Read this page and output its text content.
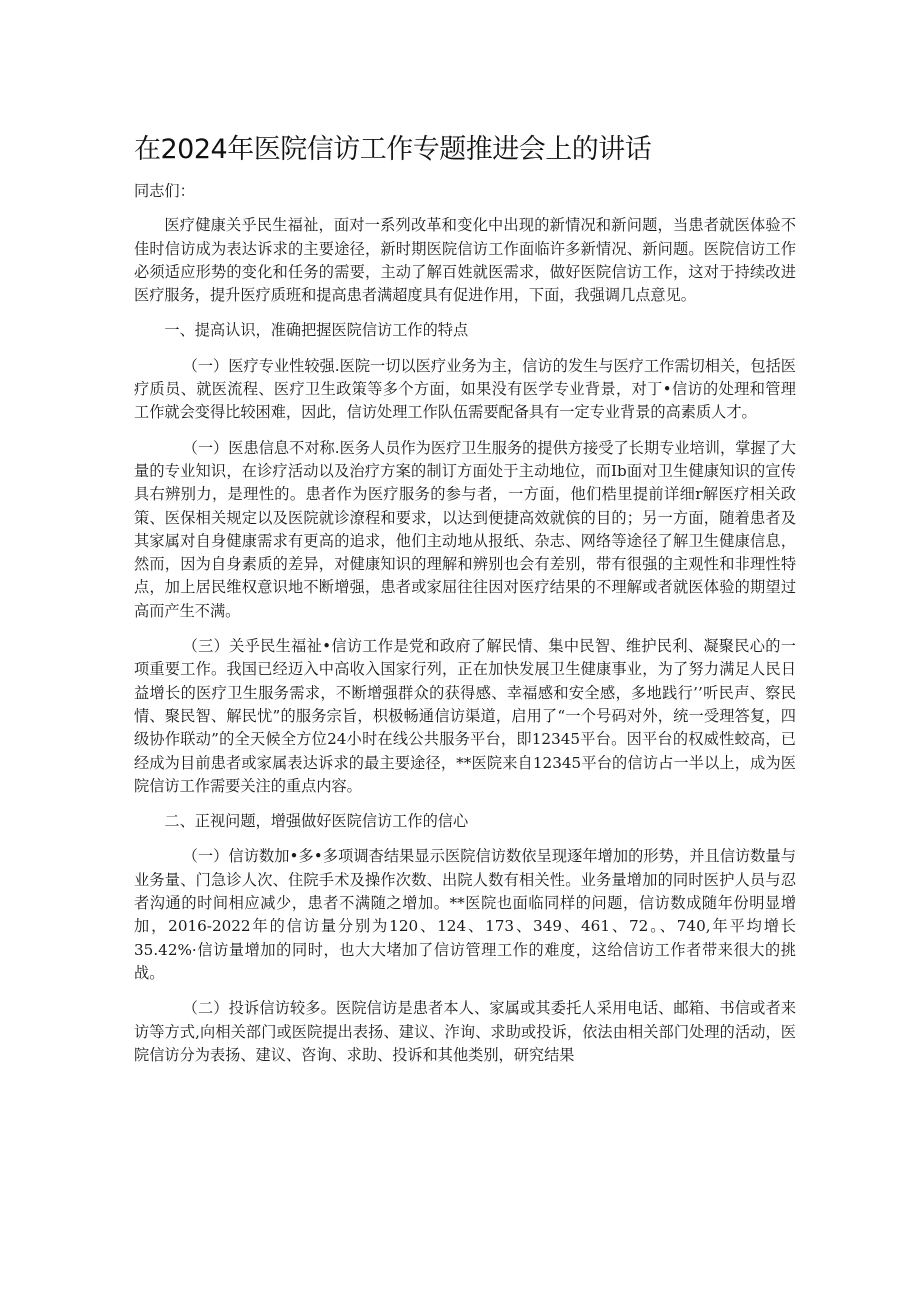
在2024年医院信访工作专题推进会上的讲话

同志们：

医疗健康关乎民生福祉，面对一系列改革和变化中出现的新情况和新问题，当患者就医体验不佳时信访成为表达诉求的主要途径，新时期医院信访工作面临许多新情况、新问题。医院信访工作必须适应形势的变化和任务的需要，主动了解百姓就医需求，做好医院信访工作，这对于持续改进医疗服务，提升医疗质班和提高患者满超度具有促进作用，下面，我强调几点意见。

一、提高认识，准确把握医院信访工作的特点

（一）医疗专业性较强.医院一切以医疗业务为主，信访的发生与医疗工作需切相关，包括医疗质员、就医流程、医疗卫生政策等多个方面，如果没有医学专业背景，对丁•信访的处理和管理工作就会变得比较困难，因此，信访处理工作队伍需要配备具有一定专业背景的高素质人才。

（一）医患信息不对称.医务人员作为医疗卫生服务的提供方接受了长期专业培训，掌握了大量的专业知识，在诊疗活动以及治疗方案的制订方面处于主动地位，而Ib面对卫生健康知识的宣传具右辨别力，是理性的。患者作为医疗服务的参与者，一方面，他们梏里提前详细r解医疗相关政策、医保相关规定以及医院就诊潦程和要求，以达到便捷高效就傧的目的；另一方面，随着患者及其家属对自身健康需求有更高的追求，他们主动地从报纸、杂志、网络等途径了解卫生健康信息，然而，因为自身素质的差异，对健康知识的理解和辨别也会有差别，带有很强的主观性和非理性特点，加上居民维权意识地不断增强，患者或家屈往往因对医疗结果的不理解或者就医体验的期望过高而产生不满。

（三）关乎民生福祉•信访工作是党和政府了解民情、集中民智、维护民利、凝聚民心的一项重要工作。我国已经迈入中高收入国家行列，正在加快发展卫生健康事业，为了努力满足人民日益增长的医疗卫生服务需求，不断增强群众的获得感、幸福感和安全感，多地践行’’听民声、察民情、聚民智、解民忧”的服务宗旨，枳极畅通信访渠道，启用了“一个号码对外，统一受理答复，四级协作联动”的全天候全方位24小时在线公共服务平台，即12345平台。因平台的权威性蛟高，已经成为目前患者或家属表达诉求的最主要途径，**医院来自12345平台的信访占一半以上，成为医院信访工作需要关注的重点内容。

二、正视问题，增强做好医院信访工作的信心

（一）信访数加•多•多项调杳结果显示医院信访数依呈现逐年增加的形势，并且信访数量与业务量、门急诊人次、住院手术及操作次数、出院人数有相关性。业务量增加的同时医护人员与忍者沟通的时间相应减少，患者不满随之增加。**医院也面临同样的问题，信访数成随年份明显增加，2016-2022年的信访量分别为120、124、173、349、461、72。、740,年平均增长35.42%·信访量增加的同时，也大大堵加了信访管理工作的难度，这给信访工作者带来很大的挑战。

（二）投诉信访较多。医院信访是患者本人、家属或其委托人采用电话、邮箱、书信或者来访等方式,向相关部门或医院提出表扬、建议、泎询、求助或投诉，依法由相关部门处理的活动，医院信访分为表扬、建议、咨询、求助、投诉和其他类别，研究结果
